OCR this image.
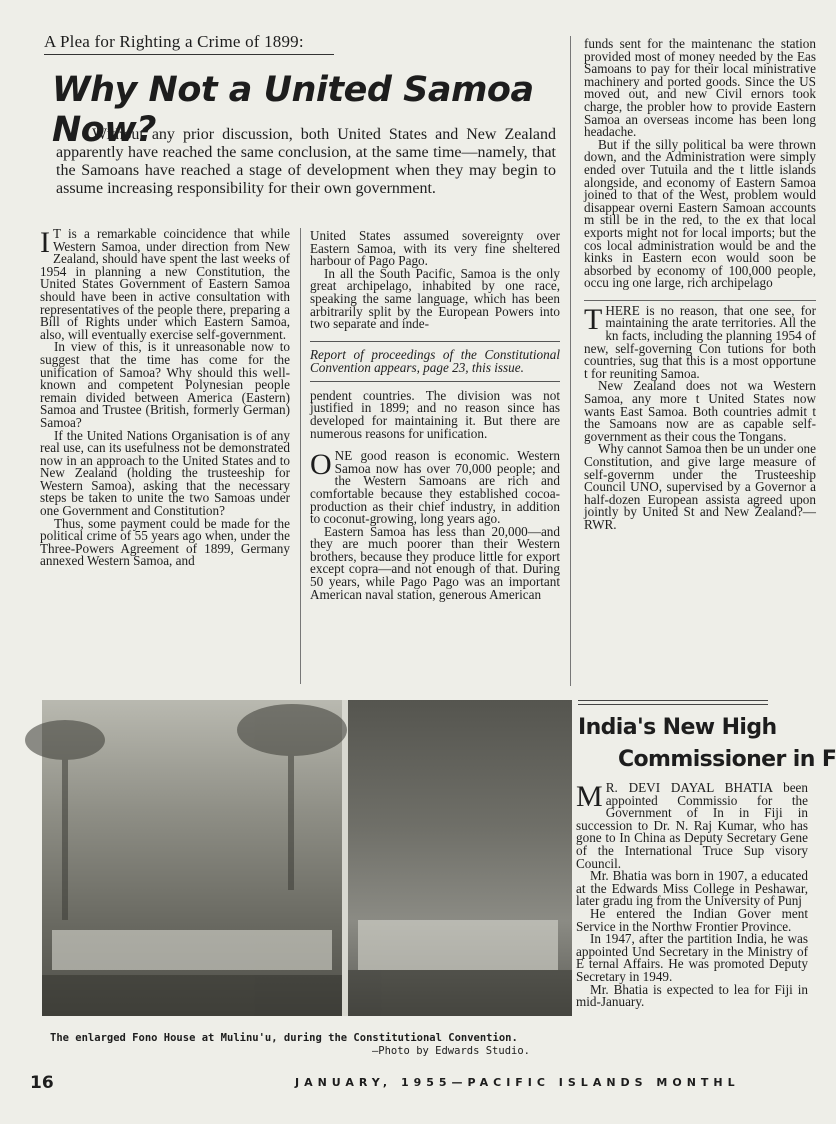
A Plea for Righting a Crime of 1899:
Why Not a United Samoa Now?
Without any prior discussion, both United States and New Zealand apparently have reached the same conclusion, at the same time—namely, that the Samoans have reached a stage of development when they may begin to assume increasing responsibility for their own government.

I T is a remarkable coincidence that while Western Samoa, under direction from New Zealand, should have spent the last weeks of 1954 in planning a new Constitution, the United States Government of Eastern Samoa should have been in active consultation with representatives of the people there, preparing a Bill of Rights under which Eastern Samoa, also, will eventually exercise self-government.

In view of this, is it unreasonable now to suggest that the time has come for the unification of Samoa? Why should this well-known and competent Polynesian people remain divided between America (Eastern) Samoa and Trustee (British, formerly German) Samoa?

If the United Nations Organisation is of any real use, can its usefulness not be demonstrated now in an approach to the United States and to New Zealand (holding the trusteeship for Western Samoa), asking that the necessary steps be taken to unite the two Samoas under one Government and Constitution?

Thus, some payment could be made for the political crime of 55 years ago when, under the Three-Powers Agreement of 1899, Germany annexed Western Samoa, and

United States assumed sovereignty over Eastern Samoa, with its very fine sheltered harbour of Pago Pago.

In all the South Pacific, Samoa is the only great archipelago, inhabited by one race, speaking the same language, which has been arbitrarily split by the European Powers into two separate and inde-

Report of proceedings of the Constitutional Convention appears, page 23, this issue.

pendent countries. The division was not justified in 1899; and no reason since has developed for maintaining it. But there are numerous reasons for unification.

ONE good reason is economic. Western Samoa now has over 70,000 people; and the Western Samoans are rich and comfortable because they established cocoa-production as their chief industry, in addition to coconut-growing, long years ago.

Eastern Samoa has less than 20,000—and they are much poorer than their Western brothers, because they produce little for export except copra—and not enough of that. During 50 years, while Pago Pago was an important American naval station, generous American

funds sent for the maintenanc the station provided most of money needed by the Eas Samoans to pay for their local ministrative machinery and ported goods. Since the US moved out, and new Civil ernors took charge, the probler how to provide Eastern Samoa an overseas income has been long headache.

But if the silly political ba were thrown down, and the Administration were simply ended over Tutuila and the t little islands alongside, and economy of Eastern Samoa joined to that of the West, problem would disappear overni Eastern Samoan accounts m still be in the red, to the ex that local exports might not for local imports; but the cos local administration would be and the kinks in Eastern econ would soon be absorbed by economy of 100,000 people, occu ing one large, rich archipelago

THERE is no reason, that one see, for maintaining the arate territories. All the kn facts, including the planning 1954 of new, self-governing Con tutions for both countries, sug that this is a most opportune t for reuniting Samoa.

New Zealand does not wa Western Samoa, any more t United States now wants East Samoa. Both countries admit t the Samoans now are as capable self-government as their cous the Tongans.

Why cannot Samoa then be un under one Constitution, and give large measure of self-governm under the Trusteeship Council UNO, supervised by a Governor a half-dozen European assista agreed upon jointly by United St and New Zealand?—RWR.

The enlarged Fono House at Mulinu'u, during the Constitutional Convention.
—Photo by Edwards Studio.
India's New High
Commissioner in F

M R. DEVI DAYAL BHATIA been appointed Commissio for the Government of In in Fiji in succession to Dr. N. Raj Kumar, who has gone to In China as Deputy Secretary Gene of the International Truce Sup visory Council.

Mr. Bhatia was born in 1907, a educated at the Edwards Miss College in Peshawar, later gradu ing from the University of Punj

He entered the Indian Gover ment Service in the Northw Frontier Province.

In 1947, after the partition India, he was appointed Und Secretary in the Ministry of E ternal Affairs. He was promoted Deputy Secretary in 1949.

Mr. Bhatia is expected to lea for Fiji in mid-January.

16	JANUARY, 1955—PACIFIC ISLANDS MONTHL
